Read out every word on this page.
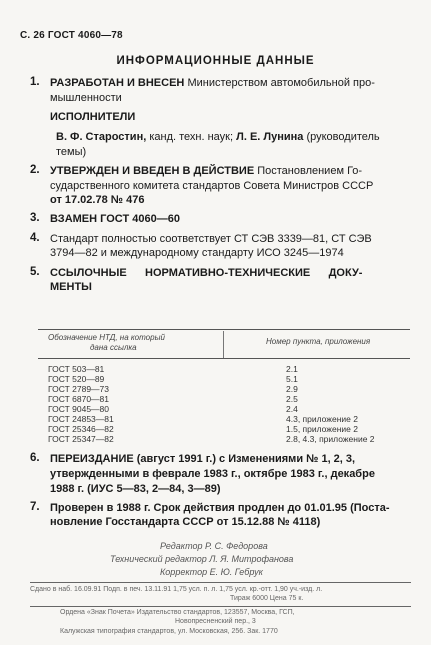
С. 26 ГОСТ 4060—78
ИНФОРМАЦИОННЫЕ ДАННЫЕ
1. РАЗРАБОТАН И ВНЕСЕН Министерством автомобильной про-
мышленности
ИСПОЛНИТЕЛИ
В. Ф. Старостин, канд. техн. наук; Л. Е. Лунина (руководитель
темы)
2. УТВЕРЖДЕН И ВВЕДЕН В ДЕЙСТВИЕ Постановлением Го-
сударственного комитета стандартов Совета Министров СССР
от 17.02.78 № 476
3. ВЗАМЕН ГОСТ 4060—60
4. Стандарт полностью соответствует СТ СЭВ 3339—81, СТ СЭВ
3794—82 и международному стандарту ИСО 3245—1974
5. ССЫЛОЧНЫЕ      НОРМАТИВНО-ТЕХНИЧЕСКИЕ      ДОКУ-
МЕНТЫ
Обозначение НТД, на который
дана ссылка
Номер пункта, приложения
ГОСТ 503—81	2.1
ГОСТ 520—89	5.1
ГОСТ 2789—73	2.9
ГОСТ 6870—81	2.5
ГОСТ 9045—80	2.4
ГОСТ 24853—81	4.3, приложение 2
ГОСТ 25346—82	1.5, приложение 2
ГОСТ 25347—82	2.8, 4.3, приложение 2
6. ПЕРЕИЗДАНИЕ (август 1991 г.) с Изменениями № 1, 2, 3,
утвержденными в феврале 1983 г., октябре 1983 г., декабре
1988 г. (ИУС 5—83, 2—84, 3—89)
7. Проверен в 1988 г. Срок действия продлен до 01.01.95 (Поста-
новление Госстандарта СССР от 15.12.88 № 4118)
Редактор Р. С. Федорова
Технический редактор Л. Я. Митрофанова
Корректор Е. Ю. Гебрук
Сдано в наб. 16.09.91 Подп. в печ. 13.11.91 1,75 усл. п. л. 1,75 усл. кр.-отт. 1,90 уч.-изд. л.
Тираж 6000 Цена 75 к.
Ордена «Знак Почета» Издательство стандартов, 123557, Москва, ГСП,
Новопресненский пер., 3
Калужская типография стандартов, ул. Московская, 256. Зак. 1770
